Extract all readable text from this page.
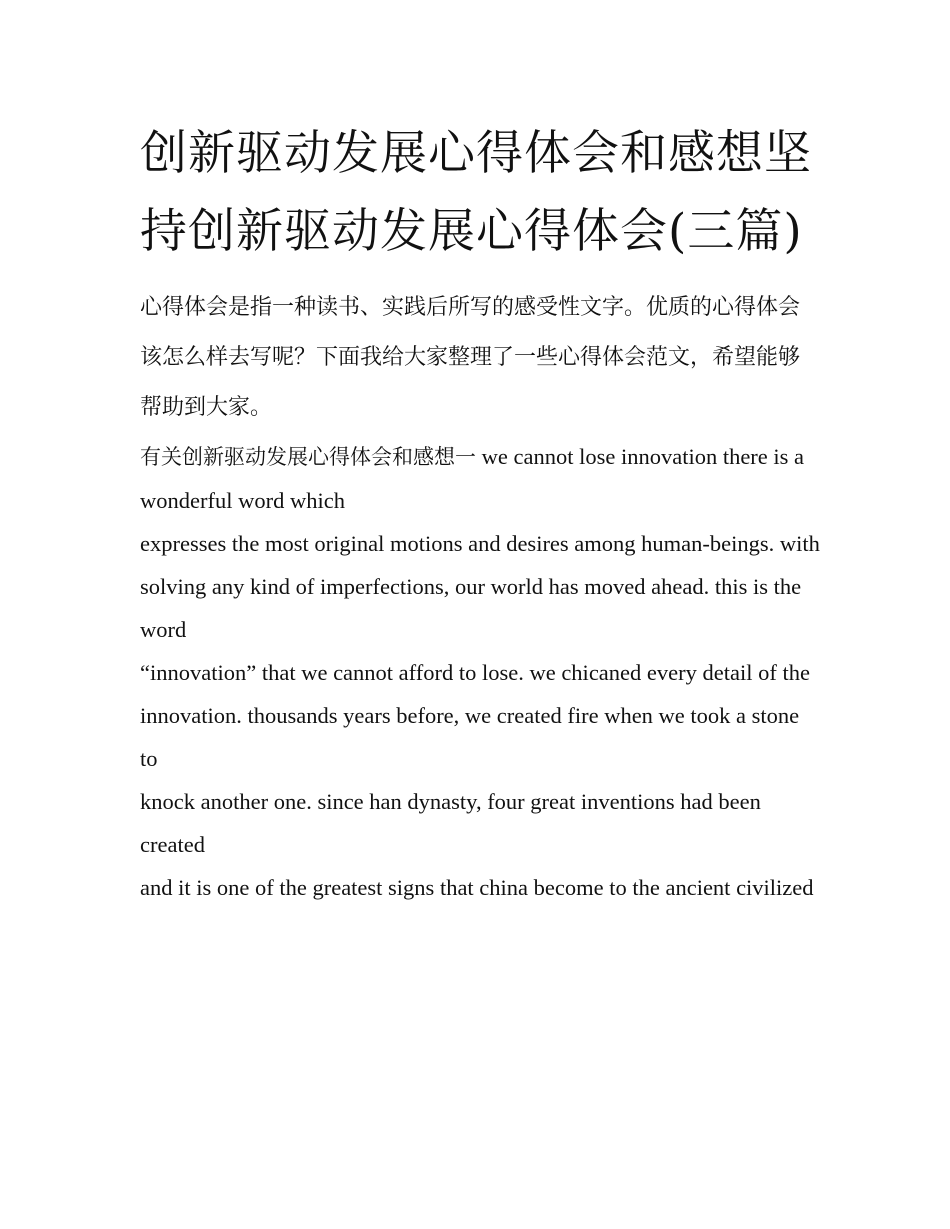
创新驱动发展心得体会和感想坚持创新驱动发展心得体会(三篇)

心得体会是指一种读书、实践后所写的感受性文字。优质的心得体会该怎么样去写呢？下面我给大家整理了一些心得体会范文，希望能够帮助到大家。

有关创新驱动发展心得体会和感想一 we cannot lose innovation there is a wonderful word which
expresses the most original motions and desires among human-beings. with
solving any kind of imperfections, our world has moved ahead. this is the word
“innovation” that we cannot afford to lose. we chicaned every detail of the
innovation. thousands years before, we created fire when we took a stone to
knock another one. since han dynasty, four great inventions had been created
and it is one of the greatest signs that china become to the ancient civilized
